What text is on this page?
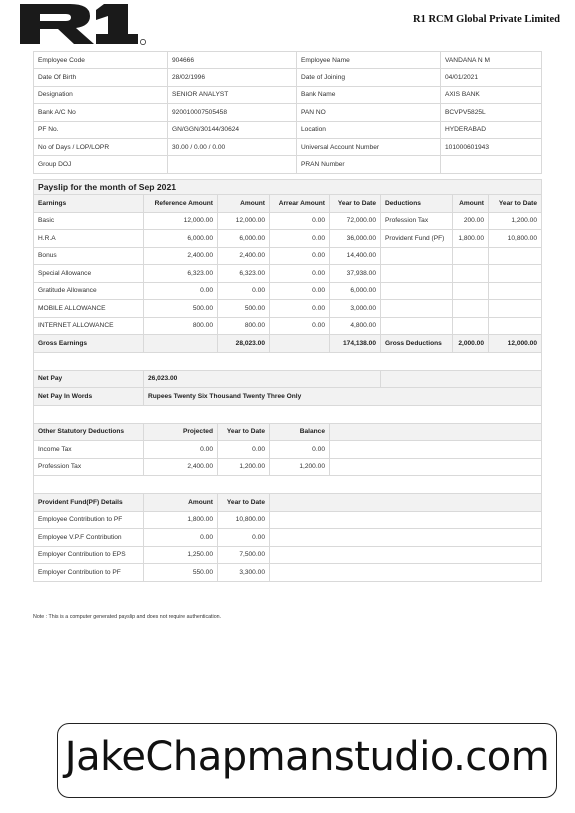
R1 RCM Global Private Limited
Employee Code	904666	Employee Name	VANDANA N M
Date Of Birth	28/02/1996	Date of Joining	04/01/2021
Designation	SENIOR ANALYST	Bank Name	AXIS BANK
Bank A/C No	920010007505458	PAN NO	BCVPV5825L
PF No.	GN/GGN/30144/30624	Location	HYDERABAD
No of Days / LOP/LOPR	30.00 / 0.00 / 0.00	Universal Account Number	101000601943
Group DOJ		PRAN Number	
Payslip for the month of Sep 2021							
Earnings	Reference Amount	Amount	Arrear Amount	Year to Date	Deductions	Amount	Year to Date
Basic	12,000.00	12,000.00	0.00	72,000.00	Profession Tax	200.00	1,200.00
H.R.A	6,000.00	6,000.00	0.00	36,000.00	Provident Fund (PF)	1,800.00	10,800.00
Bonus	2,400.00	2,400.00	0.00	14,400.00			
Special Allowance	6,323.00	6,323.00	0.00	37,938.00			
Gratitude Allowance	0.00	0.00	0.00	6,000.00			
MOBILE ALLOWANCE	500.00	500.00	0.00	3,000.00			
INTERNET ALLOWANCE	800.00	800.00	0.00	4,800.00			
Gross Earnings		28,023.00		174,138.00	Gross Deductions	2,000.00	12,000.00

Net Pay	26,023.00						
Net Pay In Words	Rupees Twenty Six Thousand Twenty Three Only						

Other Statutory Deductions	Projected	Year to Date	Balance				
Income Tax	0.00	0.00	0.00				
Profession Tax	2,400.00	1,200.00	1,200.00				

Provident Fund(PF) Details	Amount	Year to Date					
Employee Contribution to PF	1,800.00	10,800.00					
Employee V.P.F Contribution	0.00	0.00					
Employer Contribution to EPS	1,250.00	7,500.00					
Employer Contribution to PF	550.00	3,300.00					
Note : This is a computer generated payslip and does not require authentication.
JakeChapmanstudio.com
